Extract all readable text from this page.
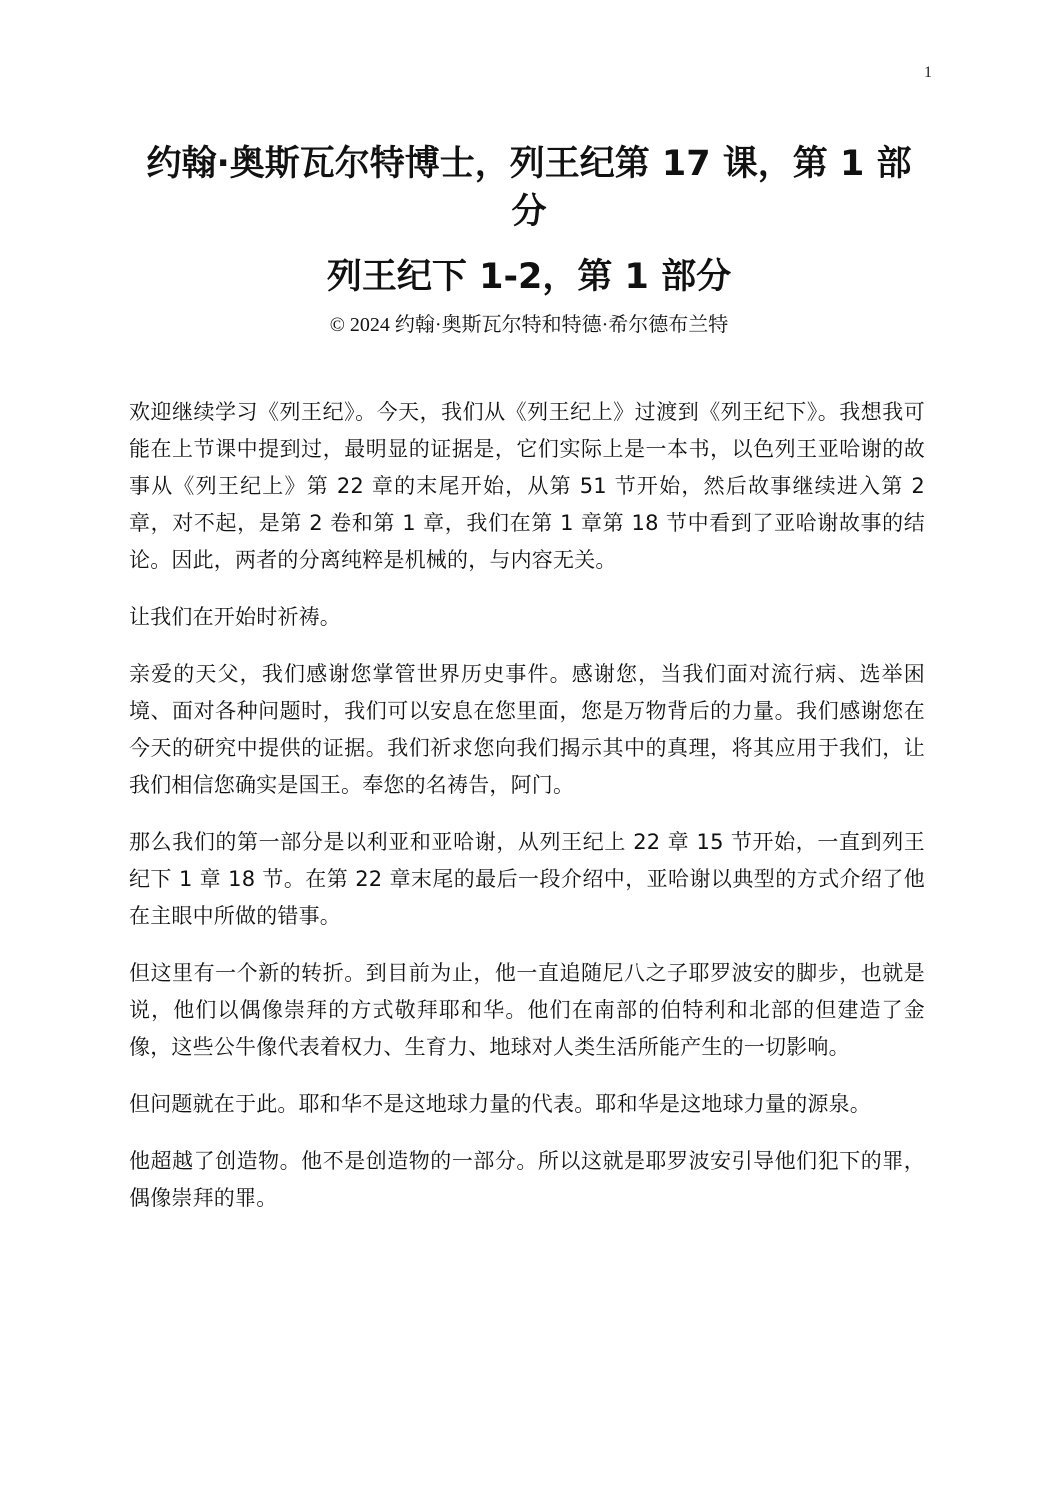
1
约翰·奥斯瓦尔特博士，列王纪第 17 课，第 1 部分
列王纪下 1-2，第 1 部分

© 2024 约翰·奥斯瓦尔特和特德·希尔德布兰特

欢迎继续学习《列王纪》。今天，我们从《列王纪上》过渡到《列王纪下》。我想我可能在上节课中提到过，最明显的证据是，它们实际上是一本书，以色列王亚哈谢的故事从《列王纪上》第 22 章的末尾开始，从第 51 节开始，然后故事继续进入第 2 章，对不起，是第 2 卷和第 1 章，我们在第 1 章第 18 节中看到了亚哈谢故事的结论。因此，两者的分离纯粹是机械的，与内容无关。

让我们在开始时祈祷。

亲爱的天父，我们感谢您掌管世界历史事件。感谢您，当我们面对流行病、选举困境、面对各种问题时，我们可以安息在您里面，您是万物背后的力量。我们感谢您在今天的研究中提供的证据。我们祈求您向我们揭示其中的真理，将其应用于我们，让我们相信您确实是国王。奉您的名祷告，阿门。

那么我们的第一部分是以利亚和亚哈谢，从列王纪上 22 章 15 节开始，一直到列王纪下 1 章 18 节。在第 22 章末尾的最后一段介绍中，亚哈谢以典型的方式介绍了他在主眼中所做的错事。

但这里有一个新的转折。到目前为止，他一直追随尼八之子耶罗波安的脚步，也就是说，他们以偶像崇拜的方式敬拜耶和华。他们在南部的伯特利和北部的但建造了金像，这些公牛像代表着权力、生育力、地球对人类生活所能产生的一切影响。

但问题就在于此。耶和华不是这地球力量的代表。耶和华是这地球力量的源泉。

他超越了创造物。他不是创造物的一部分。所以这就是耶罗波安引导他们犯下的罪，偶像崇拜的罪。
